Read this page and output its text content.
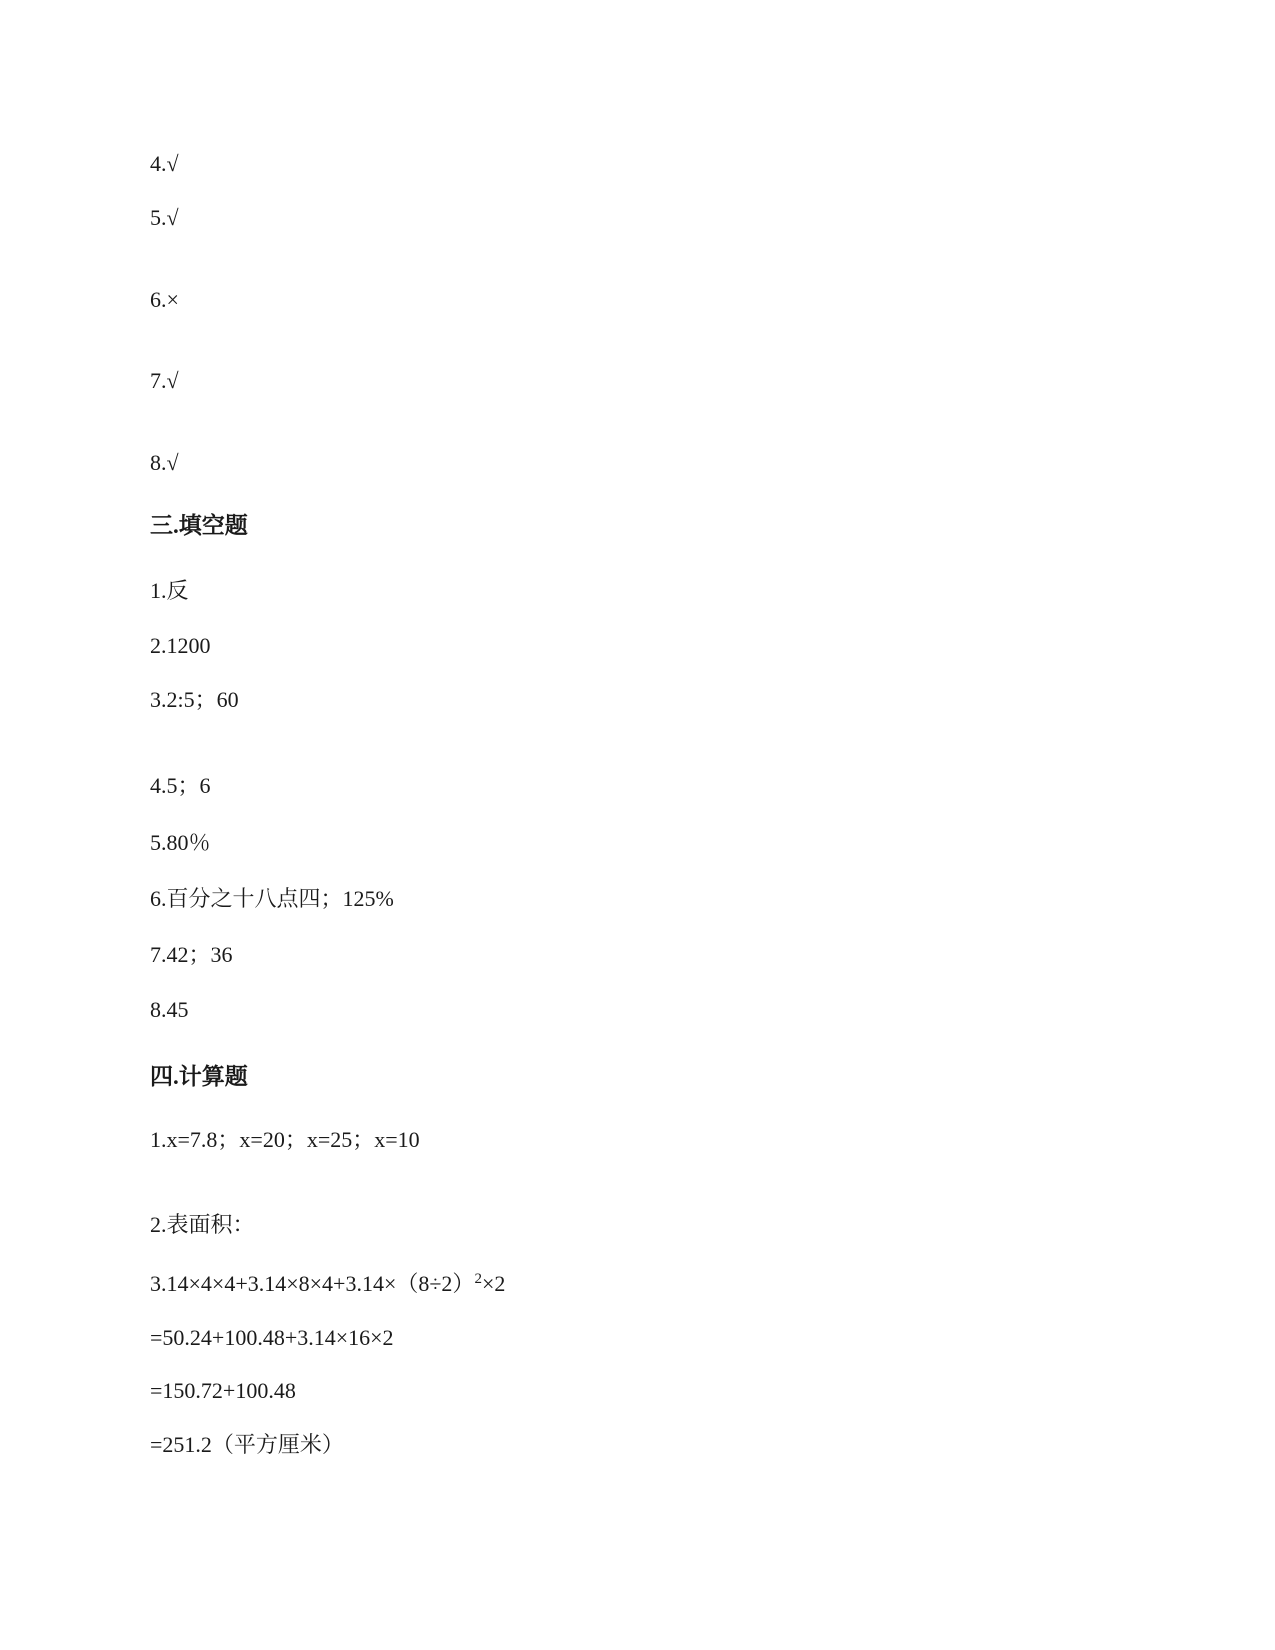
4.√
5.√
6.×
7.√
8.√
三.填空题
1.反
2.1200
3.2:5；60
4.5；6
5.80％
6.百分之十八点四；125%
7.42；36
8.45
四.计算题
1.x=7.8；x=20；x=25；x=10
2.表面积：
$3.14\times 4\times 4+3.14\times 8\times 4+3.14\times(8\div 2)^2\times 2$
=50.24+100.48+3.14×16×2
=150.72+100.48
=251.2（平方厘米）
